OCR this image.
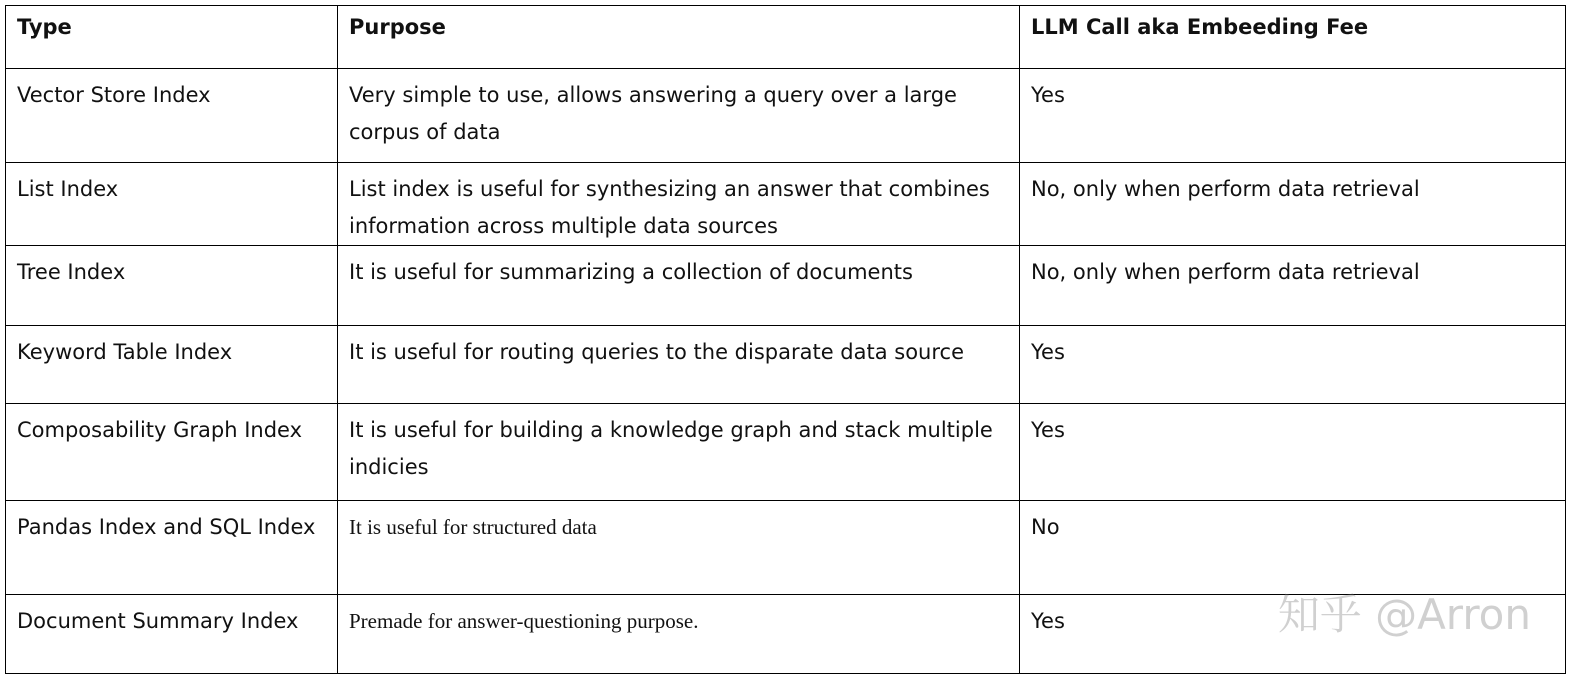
Type	Purpose	LLM Call aka Embeeding Fee
Vector Store Index	Very simple to use, allows answering a query over a large corpus of data	Yes
List Index	List index is useful for synthesizing an answer that combines information across multiple data sources	No, only when perform data retrieval
Tree Index	It is useful for summarizing a collection of documents	No, only when perform data retrieval
Keyword Table Index	It is useful for routing queries to the disparate data source	Yes
Composability Graph Index	It is useful for building a knowledge graph and stack multiple indicies	Yes
Pandas Index and SQL Index	It is useful for structured data	No
Document Summary Index	Premade for answer-questioning purpose.	Yes	知乎 @Arron
